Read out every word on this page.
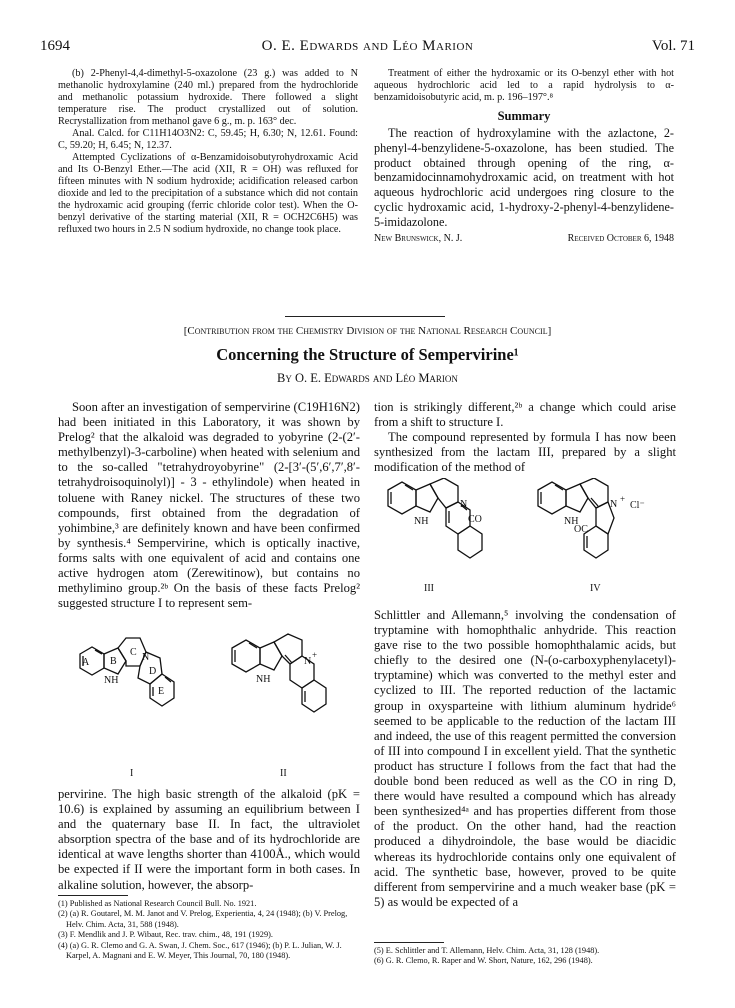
1694	O. E. Edwards and Léo Marion	Vol. 71

(b) 2-Phenyl-4,4-dimethyl-5-oxazolone (23 g.) was added to N methanolic hydroxylamine (240 ml.) prepared from the hydrochloride and methanolic potassium hydroxide. There followed a slight temperature rise. The product crystallized out of solution. Recrystallization from methanol gave 6 g., m. p. 163° dec.

Anal. Calcd. for C11H14O3N2: C, 59.45; H, 6.30; N, 12.61. Found: C, 59.20; H, 6.45; N, 12.37.

Attempted Cyclizations of α-Benzamidoisobutyrohydroxamic Acid and Its O-Benzyl Ether.—The acid (XII, R = OH) was refluxed for fifteen minutes with N sodium hydroxide; acidification released carbon dioxide and led to the precipitation of a substance which did not contain the hydroxamic acid grouping (ferric chloride color test). When the O-benzyl derivative of the starting material (XII, R = OCH2C6H5) was refluxed two hours in 2.5 N sodium hydroxide, no change took place.

Treatment of either the hydroxamic or its O-benzyl ether with hot aqueous hydrochloric acid led to a rapid hydrolysis to α-benzamidoisobutyric acid, m. p. 196–197°.⁸

Summary

The reaction of hydroxylamine with the azlactone, 2-phenyl-4-benzylidene-5-oxazolone, has been studied. The product obtained through opening of the ring, α-benzamidocinnamohydroxamic acid, on treatment with hot aqueous hydrochloric acid undergoes ring closure to the cyclic hydroxamic acid, 1-hydroxy-2-phenyl-4-benzylidene-5-imidazolone.

New Brunswick, N. J.	Received October 6, 1948
[Contribution from the Chemistry Division of the National Research Council]
Concerning the Structure of Sempervirine¹
By O. E. Edwards and Léo Marion

Soon after an investigation of sempervirine (C19H16N2) had been initiated in this Laboratory, it was shown by Prelog² that the alkaloid was degraded to yobyrine (2-(2′-methylbenzyl)-3-carboline) when heated with selenium and to the so-called "tetrahydroyobyrine" (2-[3′-(5′,6′,7′,8′-tetrahydroisoquinolyl)] - 3 - ethylindole) when heated in toluene with Raney nickel. The structures of these two compounds, first obtained from the degradation of yohimbine,³ are definitely known and have been confirmed by synthesis.⁴ Sempervirine, which is optically inactive, forms salts with one equivalent of acid and contains one active hydrogen atom (Zerewitinow), but contains no methylimino group.²ᵇ On the basis of these facts Prelog² suggested structure I to represent sem-

A B
C
D
E
NH
N
I
NH
N
+
II

pervirine. The high basic strength of the alkaloid (pK = 10.6) is explained by assuming an equilibrium between I and the quaternary base II. In fact, the ultraviolet absorption spectra of the base and of its hydrochloride are identical at wave lengths shorter than 4100Å., which would be expected if II were the important form in both cases. In alkaline solution, however, the absorp-

(1) Published as National Research Council Bull. No. 1921.

(2) (a) R. Goutarel, M. M. Janot and V. Prelog, Experientia, 4, 24 (1948); (b) V. Prelog, Helv. Chim. Acta, 31, 588 (1948).

(3) F. Mendlik and J. P. Wibaut, Rec. trav. chim., 48, 191 (1929).

(4) (a) G. R. Clemo and G. A. Swan, J. Chem. Soc., 617 (1946); (b) P. L. Julian, W. J. Karpel, A. Magnani and E. W. Meyer, This Journal, 70, 180 (1948).

tion is strikingly different,²ᵇ a change which could arise from a shift to structure I.

The compound represented by formula I has now been synthesized from the lactam III, prepared by a slight modification of the method of

NH
N
CO
III
NH
N +
Cl⁻
OC
IV

Schlittler and Allemann,⁵ involving the condensation of tryptamine with homophthalic anhydride. This reaction gave rise to the two possible homophthalamic acids, but chiefly to the desired one (N-(o-carboxyphenylacetyl)-tryptamine) which was converted to the methyl ester and cyclized to III. The reported reduction of the lactamic group in oxysparteine with lithium aluminum hydride⁶ seemed to be applicable to the reduction of the lactam III and indeed, the use of this reagent permitted the conversion of III into compound I in excellent yield. That the synthetic product has structure I follows from the fact that had the double bond been reduced as well as the CO in ring D, there would have resulted a compound which has already been synthesized⁴ᵃ and has properties different from those of the product. On the other hand, had the reaction produced a dihydroindole, the base would be diacidic whereas its hydrochloride contains only one equivalent of acid. The synthetic base, however, proved to be quite different from sempervirine and a much weaker base (pK = 5) as would be expected of a

(5) E. Schlittler and T. Allemann, Helv. Chim. Acta, 31, 128 (1948).

(6) G. R. Clemo, R. Raper and W. Short, Nature, 162, 296 (1948).
